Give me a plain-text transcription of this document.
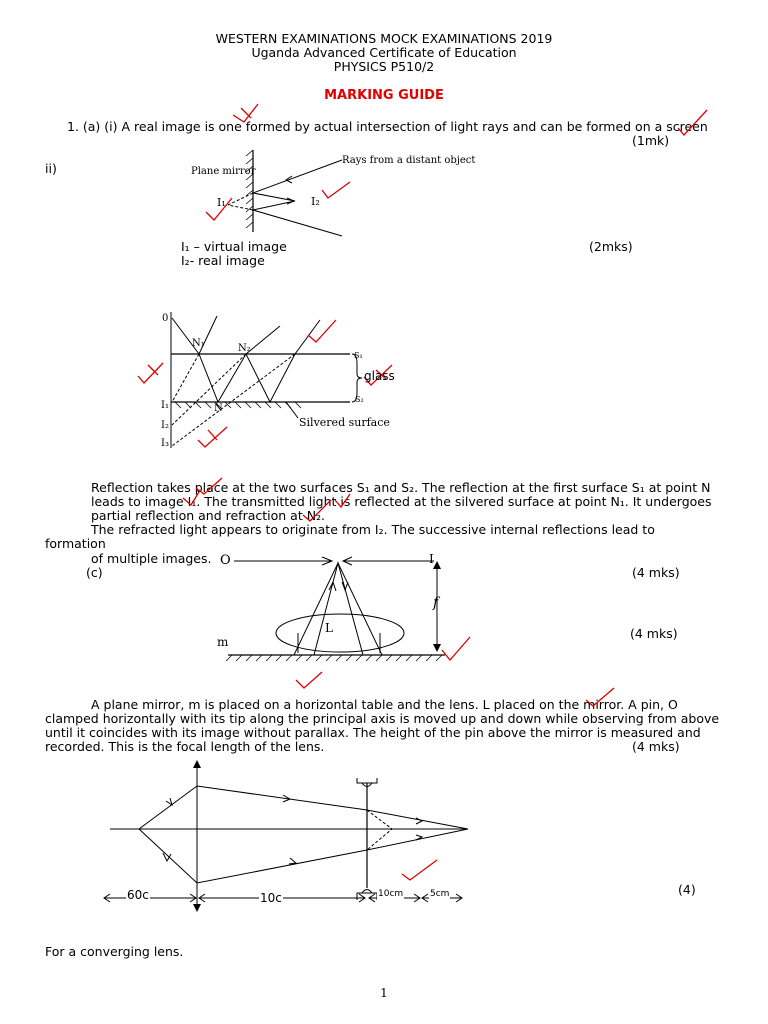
WESTERN EXAMINATIONS MOCK EXAMINATIONS 2019
Uganda Advanced Certificate of Education
PHYSICS P510/2
MARKING GUIDE
1. (a) (i) A real image is one formed by actual intersection of light rays and can be formed on a screen
(1mk)
ii)	Plane mirror
Rays from a distant object
I₁	I₂
I₁ – virtual image
I₂- real image
(2mks)
0
N₁	N₂
N
S₁
S₂
glass
Silvered surface
I₁
I₂
I₃
Reflection takes place at the two surfaces S₁ and S₂. The reflection at the first surface S₁ at point N
leads to image I₁. The transmitted light is reflected at the silvered surface at point N₁. It undergoes
partial reflection and refraction at N₂.
The refracted light appears to originate from I₂. The successive internal reflections lead to
formation
of multiple images.
(c)	(4 mks)
(4 mks)
O	I
f
L
m
A plane mirror, m is placed on a horizontal table and the lens. L placed on the mirror. A pin, O
clamped horizontally with its tip along the principal axis is moved up and down while observing from above
until it coincides with its image without parallax. The height of the pin above the mirror is measured and
recorded. This is the focal length of the lens.	(4 mks)
60c	10c	10cm	5cm	(4)
For a converging lens.
1
